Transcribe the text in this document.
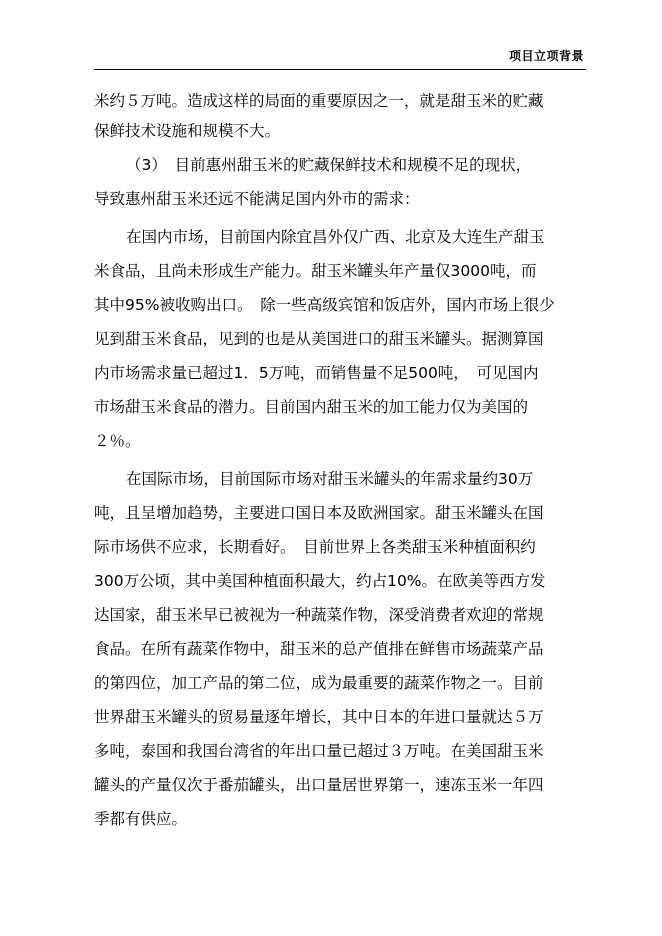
项目立项背景
米约５万吨。造成这样的局面的重要原因之一，就是甜玉米的贮藏
保鲜技术设施和规模不大。
（3）　目前惠州甜玉米的贮藏保鲜技术和规模不足的现状，
导致惠州甜玉米还远不能满足国内外市的需求：
在国内市场，目前国内除宜昌外仅广西、北京及大连生产甜玉
米食品，且尚未形成生产能力。甜玉米罐头年产量仅3000吨，而
其中95%被收购出口。　除一些高级宾馆和饭店外，国内市场上很少
见到甜玉米食品，见到的也是从美国进口的甜玉米罐头。据测算国
内市场需求量已超过1．5万吨，而销售量不足500吨，　可见国内
市场甜玉米食品的潜力。目前国内甜玉米的加工能力仅为美国的
２％。
在国际市场，目前国际市场对甜玉米罐头的年需求量约30万
吨，且呈增加趋势，主要进口国日本及欧洲国家。甜玉米罐头在国
际市场供不应求，长期看好。　目前世界上各类甜玉米种植面积约
300万公顷，其中美国种植面积最大，约占10%。在欧美等西方发
达国家，甜玉米早已被视为一种蔬菜作物，深受消费者欢迎的常规
食品。在所有蔬菜作物中，甜玉米的总产值排在鲜售市场蔬菜产品
的第四位，加工产品的第二位，成为最重要的蔬菜作物之一。目前
世界甜玉米罐头的贸易量逐年增长，其中日本的年进口量就达５万
多吨，泰国和我国台湾省的年出口量已超过３万吨。在美国甜玉米
罐头的产量仅次于番茄罐头，出口量居世界第一，速冻玉米一年四
季都有供应。
